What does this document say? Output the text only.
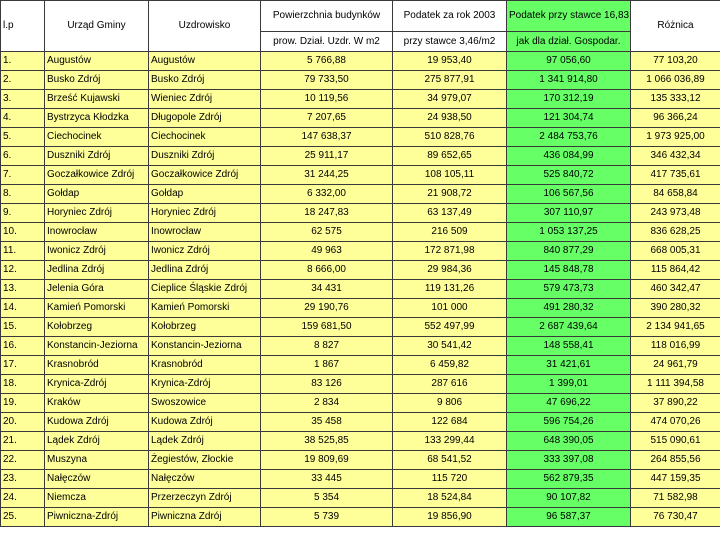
l.p	Urząd Gminy	Uzdrowisko	Powierzchnia budynków	Podatek za rok 2003	Podatek przy stawce 16,83	Różnica
			prow. Dział. Uzdr. W m2	przy stawce 3,46/m2	jak dla dział. Gospodar.	
1.	Augustów	Augustów	5 766,88	19 953,40	97 056,60	77 103,20
2.	Busko Zdrój	Busko Zdrój	79 733,50	275 877,91	1 341 914,80	1 066 036,89
3.	Brześć Kujawski	Wieniec Zdrój	10 119,56	34 979,07	170 312,19	135 333,12
4.	Bystrzyca Kłodzka	Długopole Zdrój	7 207,65	24 938,50	121 304,74	96 366,24
5.	Ciechocinek	Ciechocinek	147 638,37	510 828,76	2 484 753,76	1 973 925,00
6.	Duszniki Zdrój	Duszniki Zdrój	25 911,17	89 652,65	436 084,99	346 432,34
7.	Goczałkowice Zdrój	Goczałkowice Zdrój	31 244,25	108 105,11	525 840,72	417 735,61
8.	Gołdap	Gołdap	6 332,00	21 908,72	106 567,56	84 658,84
9.	Horyniec Zdrój	Horyniec Zdrój	18 247,83	63 137,49	307 110,97	243 973,48
10.	Inowrocław	Inowrocław	62 575	216 509	1 053 137,25	836 628,25
11.	Iwonicz Zdrój	Iwonicz Zdrój	49 963	172 871,98	840 877,29	668 005,31
12.	Jedlina Zdrój	Jedlina Zdrój	8 666,00	29 984,36	145 848,78	115 864,42
13.	Jelenia Góra	Cieplice Śląskie Zdrój	34 431	119 131,26	579 473,73	460 342,47
14.	Kamień Pomorski	Kamień Pomorski	29 190,76	101 000	491 280,32	390 280,32
15.	Kołobrzeg	Kołobrzeg	159 681,50	552 497,99	2 687 439,64	2 134 941,65
16.	Konstancin-Jeziorna	Konstancin-Jeziorna	8 827	30 541,42	148 558,41	118 016,99
17.	Krasnobród	Krasnobród	1 867	6 459,82	31 421,61	24 961,79
18.	Krynica-Zdrój	Krynica-Zdrój	83 126	287 616	1 399,01	1 111 394,58
19.	Kraków	Swoszowice	2 834	9 806	47 696,22	37 890,22
20.	Kudowa Zdrój	Kudowa Zdrój	35 458	122 684	596 754,26	474 070,26
21.	Lądek Zdrój	Lądek Zdrój	38 525,85	133 299,44	648 390,05	515 090,61
22.	Muszyna	Żegiestów, Złockie	19 809,69	68 541,52	333 397,08	264 855,56
23.	Nałęczów	Nałęczów	33 445	115 720	562 879,35	447 159,35
24.	Niemcza	Przerzeczyn Zdrój	5 354	18 524,84	90 107,82	71 582,98
25.	Piwniczna-Zdrój	Piwniczna Zdrój	5 739	19 856,90	96 587,37	76 730,47
